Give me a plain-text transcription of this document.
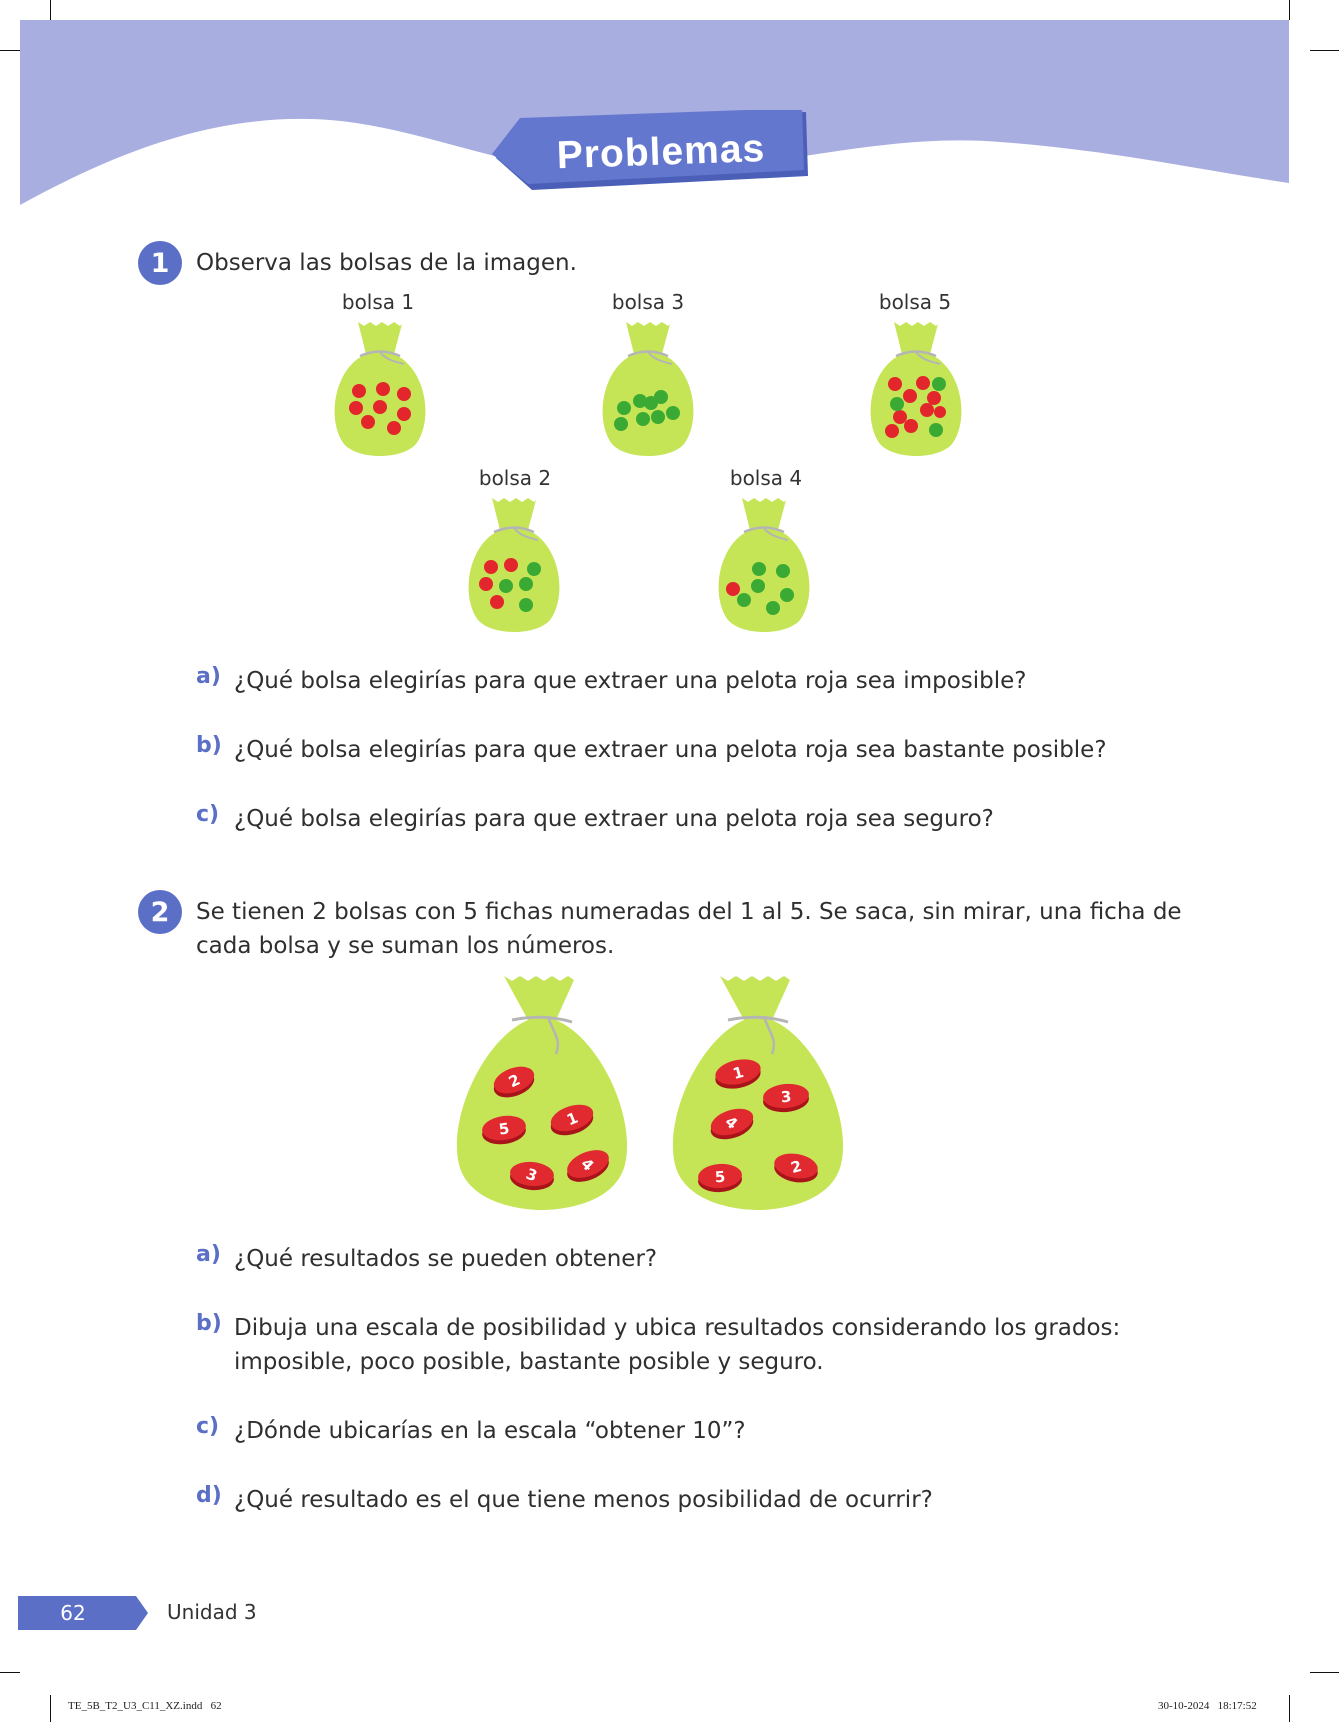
Problemas
1	Observa las bolsas de la imagen.
bolsa 1	bolsa 3	bolsa 5
bolsa 2	bolsa 4
a) ¿Qué bolsa elegirías para que extraer una pelota roja sea imposible?
b) ¿Qué bolsa elegirías para que extraer una pelota roja sea bastante posible?
c) ¿Qué bolsa elegirías para que extraer una pelota roja sea seguro?
2	Se tienen 2 bolsas con 5 fichas numeradas del 1 al 5. Se saca, sin mirar, una ficha de
cada bolsa y se suman los números.
2
5	1
4
3
1
3
4
5	2
a) ¿Qué resultados se pueden obtener?
b) Dibuja una escala de posibilidad y ubica resultados considerando los grados:
imposible, poco posible, bastante posible y seguro.
c) ¿Dónde ubicarías en la escala “obtener 10”?
d) ¿Qué resultado es el que tiene menos posibilidad de ocurrir?
62	Unidad 3
TE_5B_T2_U3_C11_XZ.indd   62	30-10-2024   18:17:52
